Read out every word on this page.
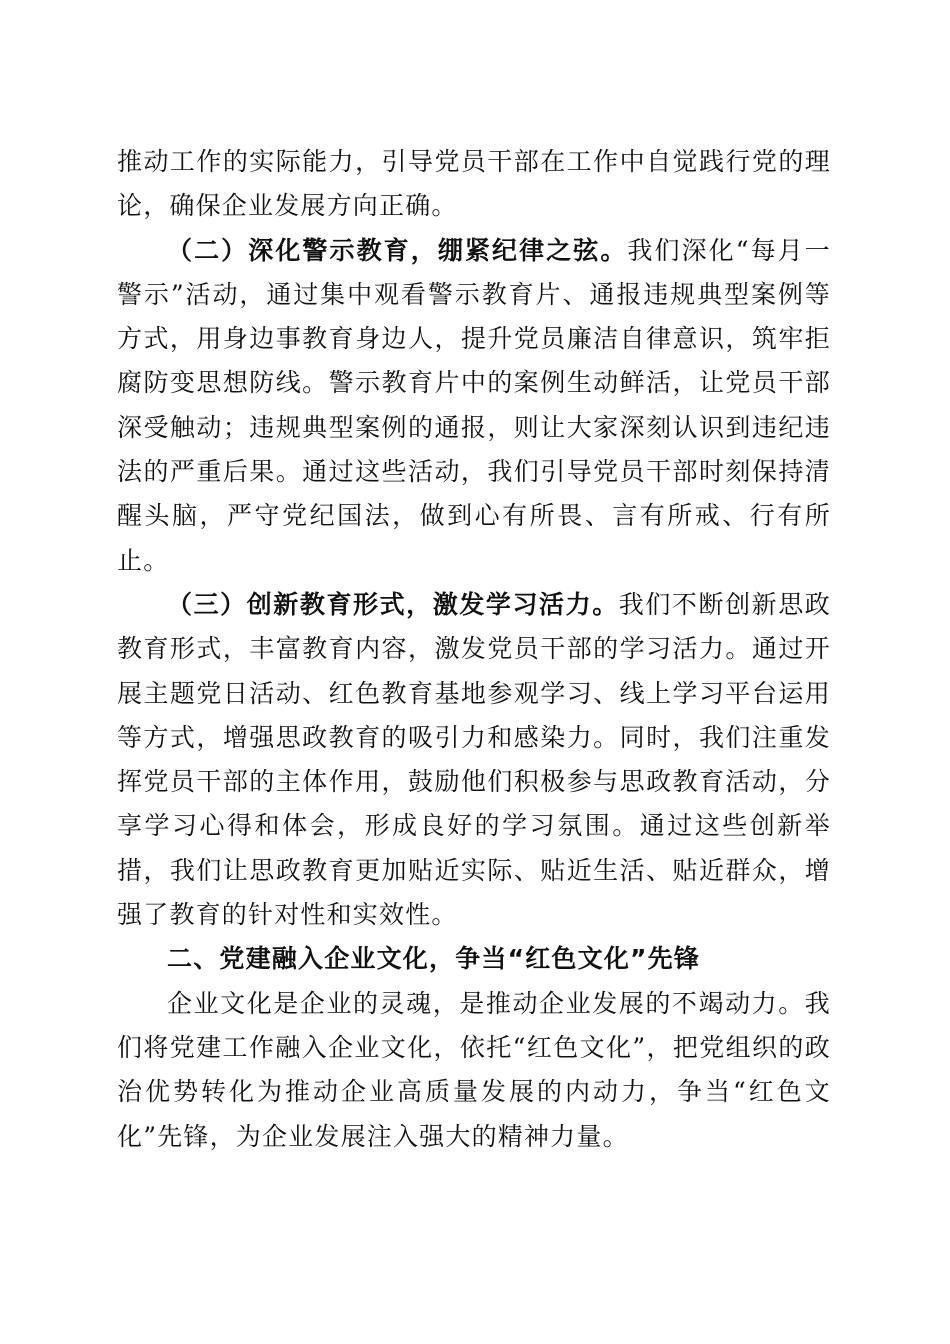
推动工作的实际能力，引导党员干部在工作中自觉践行党的理论，确保企业发展方向正确。

（二）深化警示教育，绷紧纪律之弦。我们深化“每月一警示”活动，通过集中观看警示教育片、通报违规典型案例等方式，用身边事教育身边人，提升党员廉洁自律意识，筑牢拒腐防变思想防线。警示教育片中的案例生动鲜活，让党员干部深受触动；违规典型案例的通报，则让大家深刻认识到违纪违法的严重后果。通过这些活动，我们引导党员干部时刻保持清醒头脑，严守党纪国法，做到心有所畏、言有所戒、行有所止。

（三）创新教育形式，激发学习活力。我们不断创新思政教育形式，丰富教育内容，激发党员干部的学习活力。通过开展主题党日活动、红色教育基地参观学习、线上学习平台运用等方式，增强思政教育的吸引力和感染力。同时，我们注重发挥党员干部的主体作用，鼓励他们积极参与思政教育活动，分享学习心得和体会，形成良好的学习氛围。通过这些创新举措，我们让思政教育更加贴近实际、贴近生活、贴近群众，增强了教育的针对性和实效性。

二、党建融入企业文化，争当“红色文化”先锋

企业文化是企业的灵魂，是推动企业发展的不竭动力。我们将党建工作融入企业文化，依托“红色文化”，把党组织的政治优势转化为推动企业高质量发展的内动力，争当“红色文化”先锋，为企业发展注入强大的精神力量。
